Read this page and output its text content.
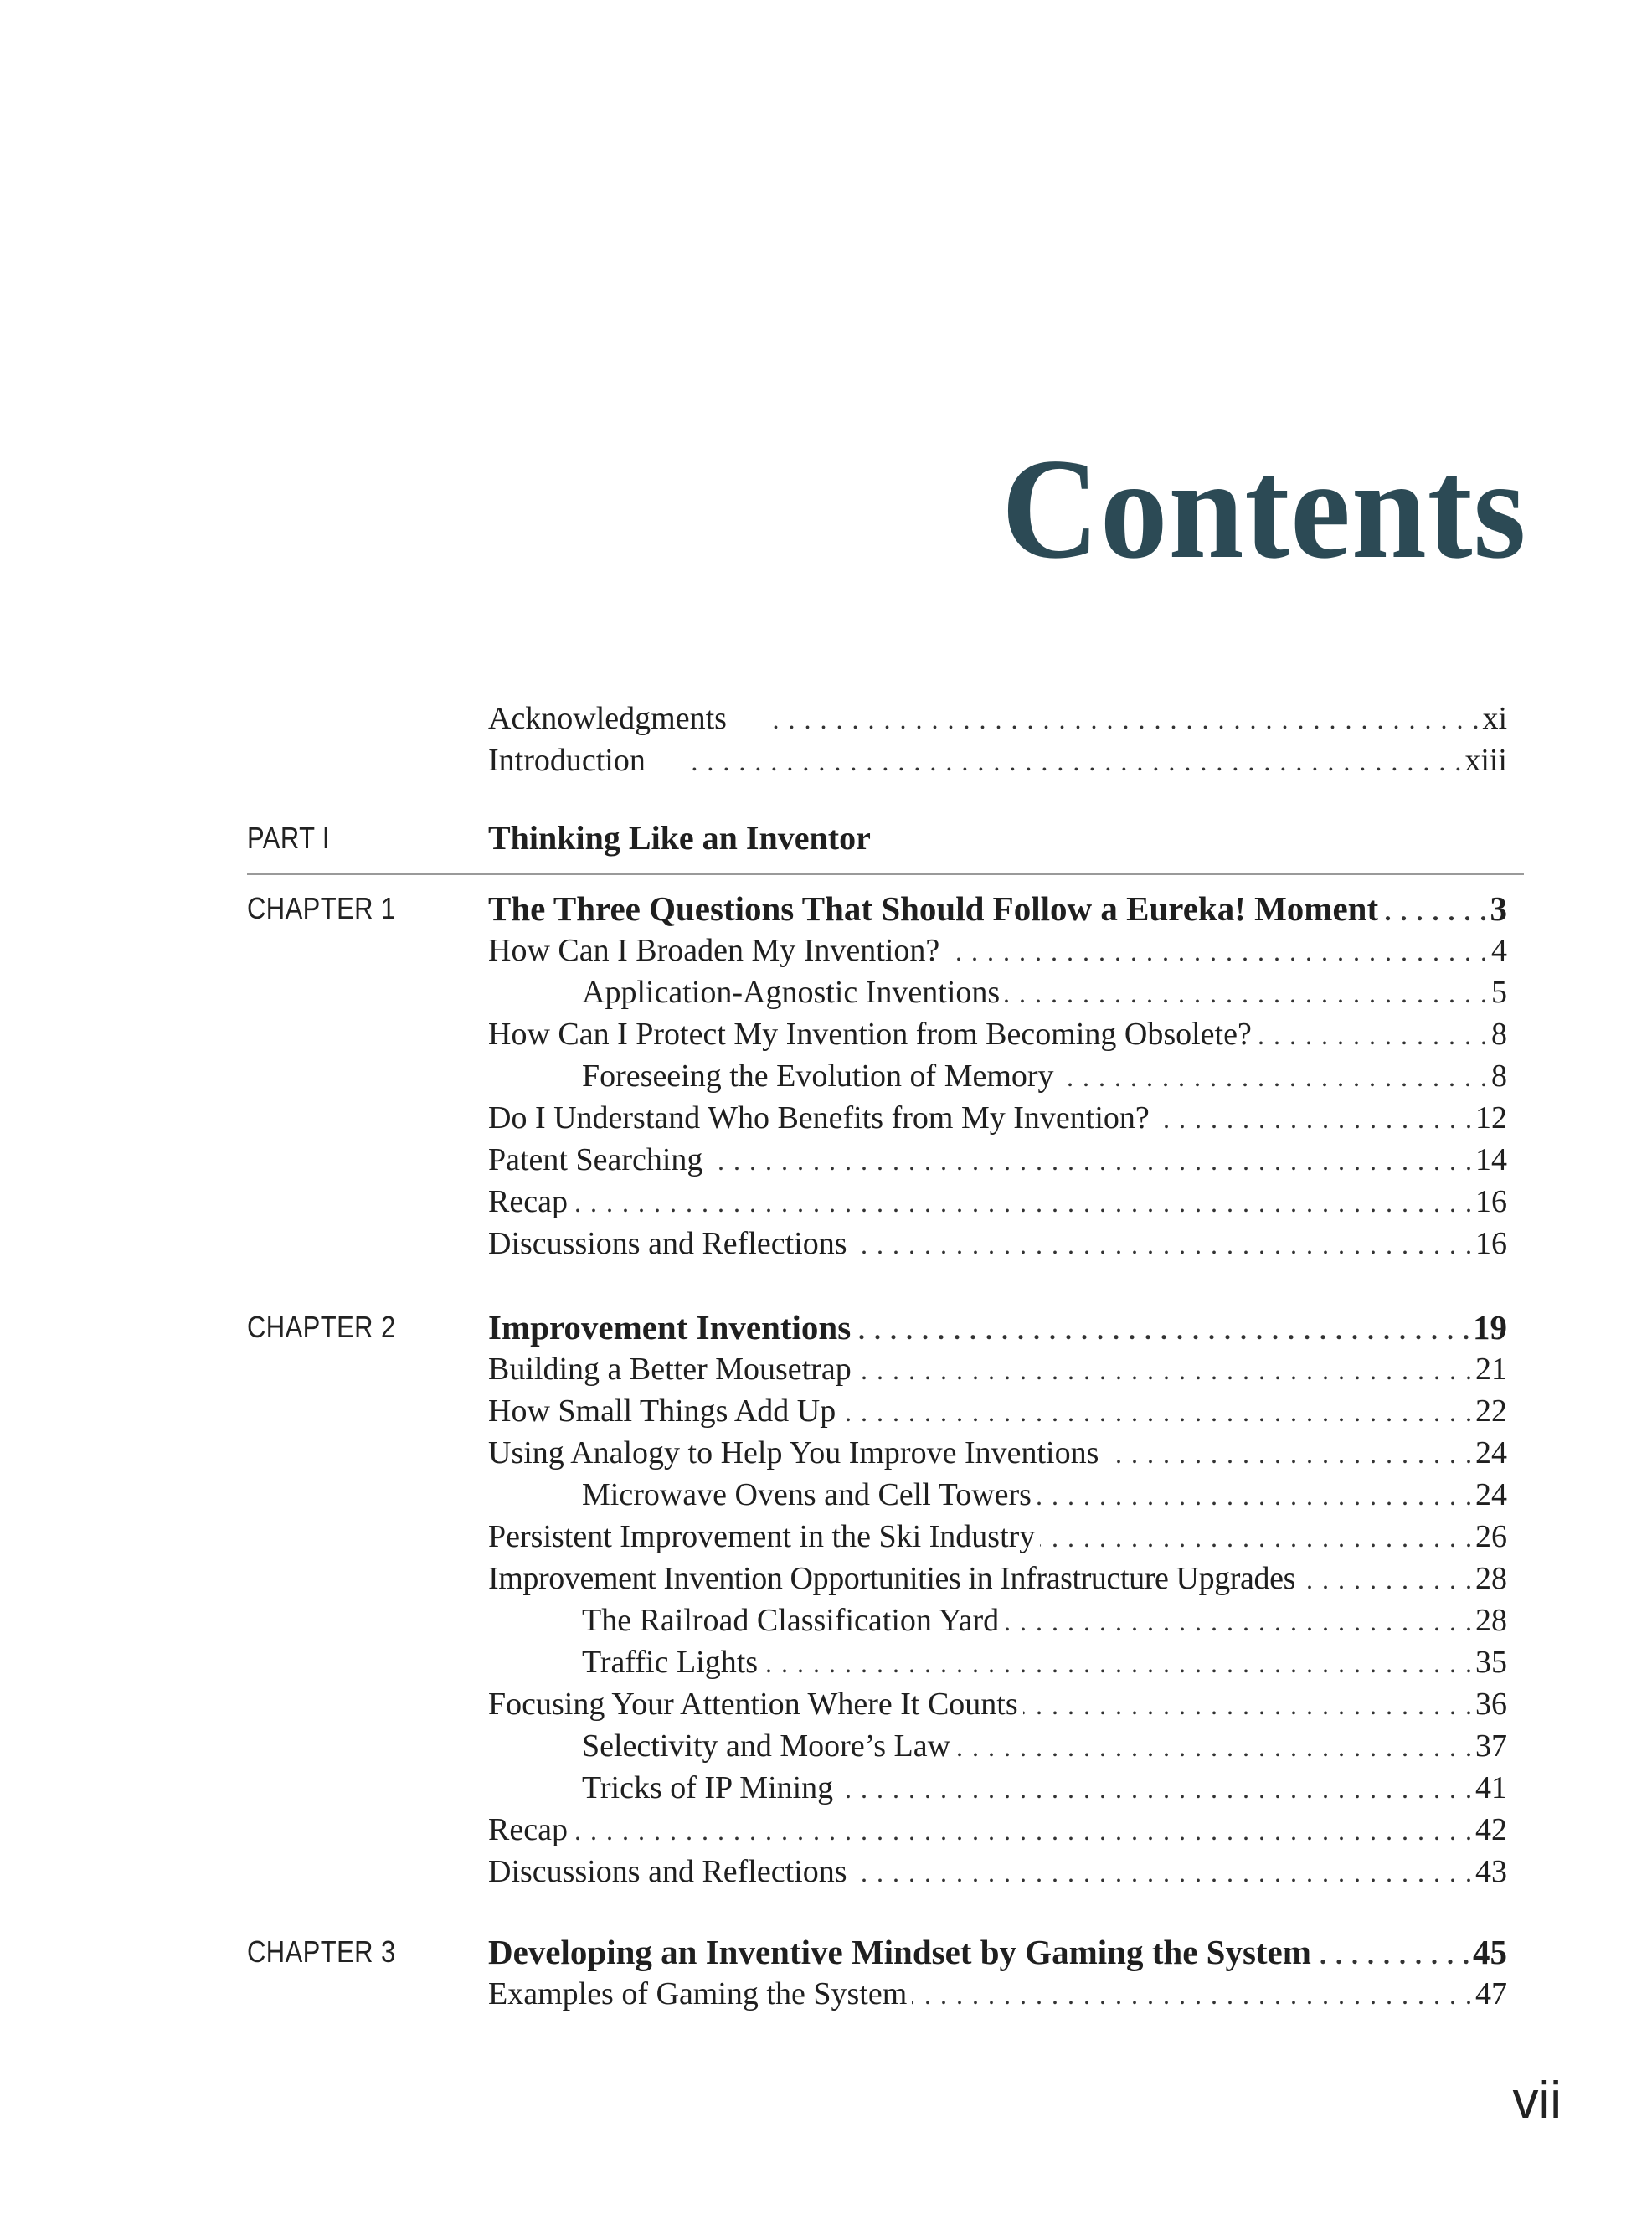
Contents
Acknowledgments . . .	xi
Introduction . . .	xiii
PART I	Thinking Like an Inventor
CHAPTER 1	The Three Questions That Should Follow a Eureka! Moment . . .	3
How Can I Broaden My Invention? . . .	4
Application-Agnostic Inventions . . .	5
How Can I Protect My Invention from Becoming Obsolete? . . .	8
Foreseeing the Evolution of Memory . . .	8
Do I Understand Who Benefits from My Invention? . . .	12
Patent Searching . . .	14
Recap . . .	16
Discussions and Reflections . . .	16
CHAPTER 2	Improvement Inventions . . .	19
Building a Better Mousetrap . . .	21
How Small Things Add Up . . .	22
Using Analogy to Help You Improve Inventions . . .	24
Microwave Ovens and Cell Towers . . .	24
Persistent Improvement in the Ski Industry . . .	26
Improvement Invention Opportunities in Infrastructure Upgrades . . .	28
The Railroad Classification Yard . . .	28
Traffic Lights . . .	35
Focusing Your Attention Where It Counts . . .	36
Selectivity and Moore’s Law . . .	37
Tricks of IP Mining . . .	41
Recap . . .	42
Discussions and Reflections . . .	43
CHAPTER 3	Developing an Inventive Mindset by Gaming the System . . .	45
Examples of Gaming the System . . .	47
vii
